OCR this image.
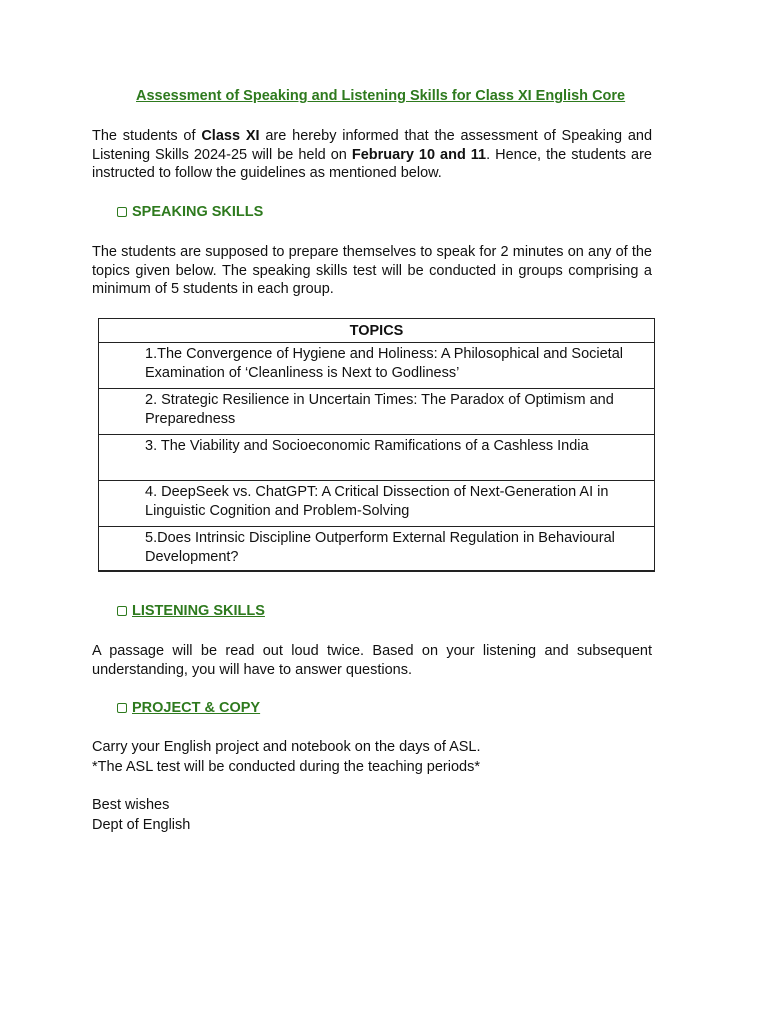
Assessment of Speaking and Listening Skills for Class XI English Core
The students of Class XI are hereby informed that the assessment of Speaking and Listening Skills 2024-25 will be held on February 10 and 11. Hence, the students are instructed to follow the guidelines as mentioned below.
SPEAKING SKILLS
The students are supposed to prepare themselves to speak for 2 minutes on any of the topics given below. The speaking skills test will be conducted in groups comprising a minimum of 5 students in each group.
TOPICS
1.The Convergence of Hygiene and Holiness: A Philosophical and Societal Examination of ‘Cleanliness is Next to Godliness’
2. Strategic Resilience in Uncertain Times: The Paradox of Optimism and Preparedness
3. The Viability and Socioeconomic Ramifications of a Cashless India
4. DeepSeek vs. ChatGPT: A Critical Dissection of Next-Generation AI in Linguistic Cognition and Problem-Solving
5.Does Intrinsic Discipline Outperform External Regulation in Behavioural Development?
LISTENING SKILLS
A passage will be read out loud twice. Based on your listening and subsequent understanding, you will have to answer questions.
PROJECT & COPY
Carry your English project and notebook on the days of ASL.
*The ASL test will be conducted during the teaching periods*
Best wishes
Dept of English
